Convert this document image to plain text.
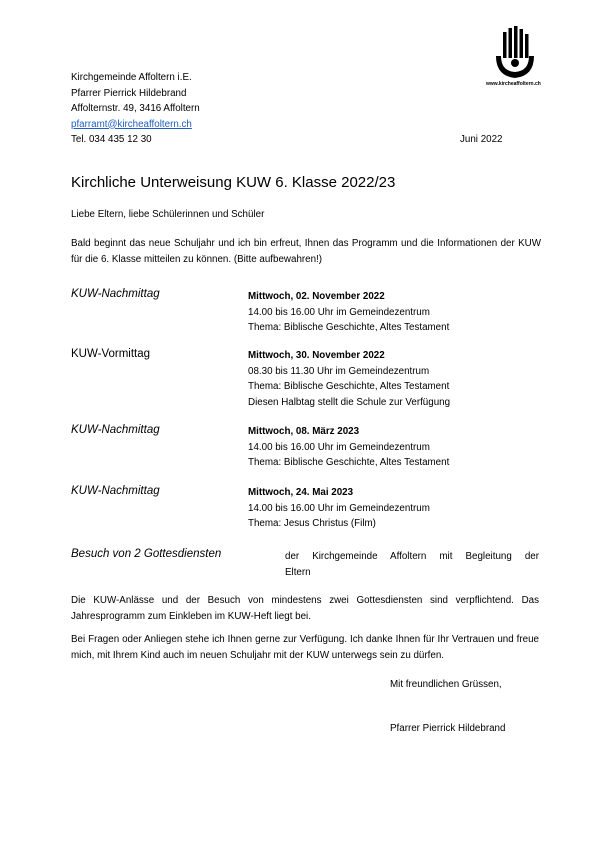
www.kircheaffoltern.ch
Kirchgemeinde Affoltern i.E.
Pfarrer Pierrick Hildebrand
Affolternstr. 49, 3416 Affoltern
pfarramt@kircheaffoltern.ch
Tel. 034 435 12 30	Juni 2022
Kirchliche Unterweisung KUW 6. Klasse 2022/23
Liebe Eltern, liebe Schülerinnen und Schüler
Bald beginnt das neue Schuljahr und ich bin erfreut, Ihnen das Programm und die Informationen der KUW für die 6. Klasse mitteilen zu können. (Bitte aufbewahren!)
KUW-Nachmittag	Mittwoch, 02. November 2022
14.00 bis 16.00 Uhr im Gemeindezentrum
Thema: Biblische Geschichte, Altes Testament
KUW-Vormittag	Mittwoch, 30. November 2022
08.30 bis 11.30 Uhr im Gemeindezentrum
Thema: Biblische Geschichte, Altes Testament
Diesen Halbtag stellt die Schule zur Verfügung
KUW-Nachmittag	Mittwoch, 08. März 2023
14.00 bis 16.00 Uhr im Gemeindezentrum
Thema: Biblische Geschichte, Altes Testament
KUW-Nachmittag	Mittwoch, 24. Mai 2023
14.00 bis 16.00 Uhr im Gemeindezentrum
Thema: Jesus Christus (Film)
Besuch von 2 Gottesdiensten	der Kirchgemeinde Affoltern mit Begleitung der
Eltern
Die KUW-Anlässe und der Besuch von mindestens zwei Gottesdiensten sind verpflichtend. Das Jahresprogramm zum Einkleben im KUW-Heft liegt bei.
Bei Fragen oder Anliegen stehe ich Ihnen gerne zur Verfügung. Ich danke Ihnen für Ihr Vertrauen und freue mich, mit Ihrem Kind auch im neuen Schuljahr mit der KUW unterwegs sein zu dürfen.
Mit freundlichen Grüssen,
Pfarrer Pierrick Hildebrand
